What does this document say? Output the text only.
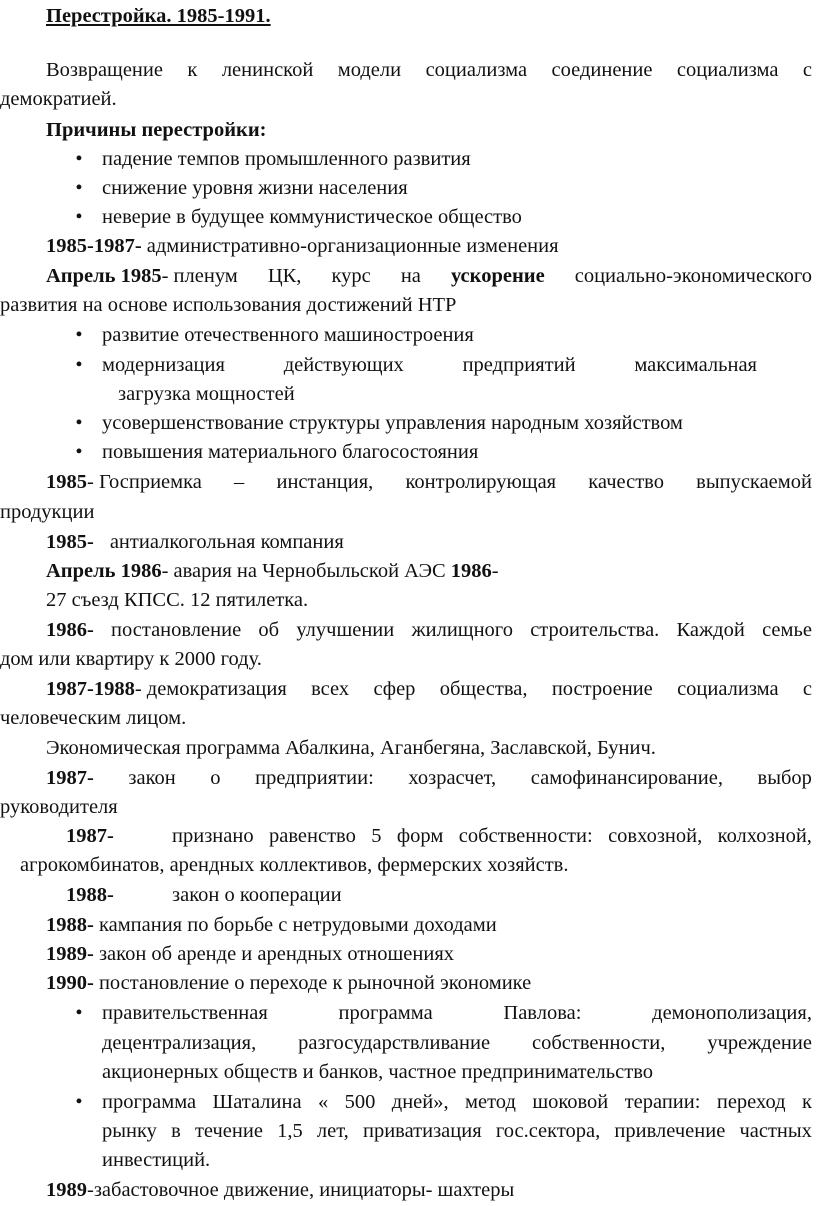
Перестройка. 1985-1991.
Возвращение к ленинской модели социализма соединение социализма с
демократией.
Причины перестройки:
• падение темпов промышленного развития
• снижение уровня жизни населения
• неверие в будущее коммунистическое общество
1985-1987- административно-организационные изменения
Апрель 1985- пленум ЦК, курс на ускорение социально-экономического
развития на основе использования достижений НТР
• развитие отечественного машиностроения
• модернизация	действующих	предприятий	максимальная
загрузка мощностей
• усовершенствование структуры управления народным хозяйством
• повышения материального благосостояния
1985- Госприемка – инстанция, контролирующая качество выпускаемой
продукции
1985- антиалкогольная компания
Апрель 1986- авария на Чернобыльской АЭС 1986-
27 съезд КПСС. 12 пятилетка.
1986- постановление об улучшении жилищного строительства. Каждой семье
дом или квартиру к 2000 году.
1987-1988- демократизация всех сфер общества, построение социализма с
человеческим лицом.
Экономическая программа Абалкина, Аганбегяна, Заславской, Бунич.
1987- закон о предприятии: хозрасчет, самофинансирование, выбор
руководителя
1987-	признано равенство 5 форм собственности: совхозной, колхозной,
агрокомбинатов, арендных коллективов, фермерских хозяйств.
1988-	закон о кооперации
1988- кампания по борьбе с нетрудовыми доходами
1989- закон об аренде и арендных отношениях
1990- постановление о переходе к рыночной экономике
• правительственная	программа	Павлова:	демонополизация,
децентрализация, разгосударствливание собственности, учреждение
акционерных обществ и банков, частное предпринимательство
• программа Шаталина « 500 дней», метод шоковой терапии: переход к
рынку в течение 1,5 лет, приватизация гос.сектора, привлечение частных
инвестиций.
1989-забастовочное движение, инициаторы- шахтеры
